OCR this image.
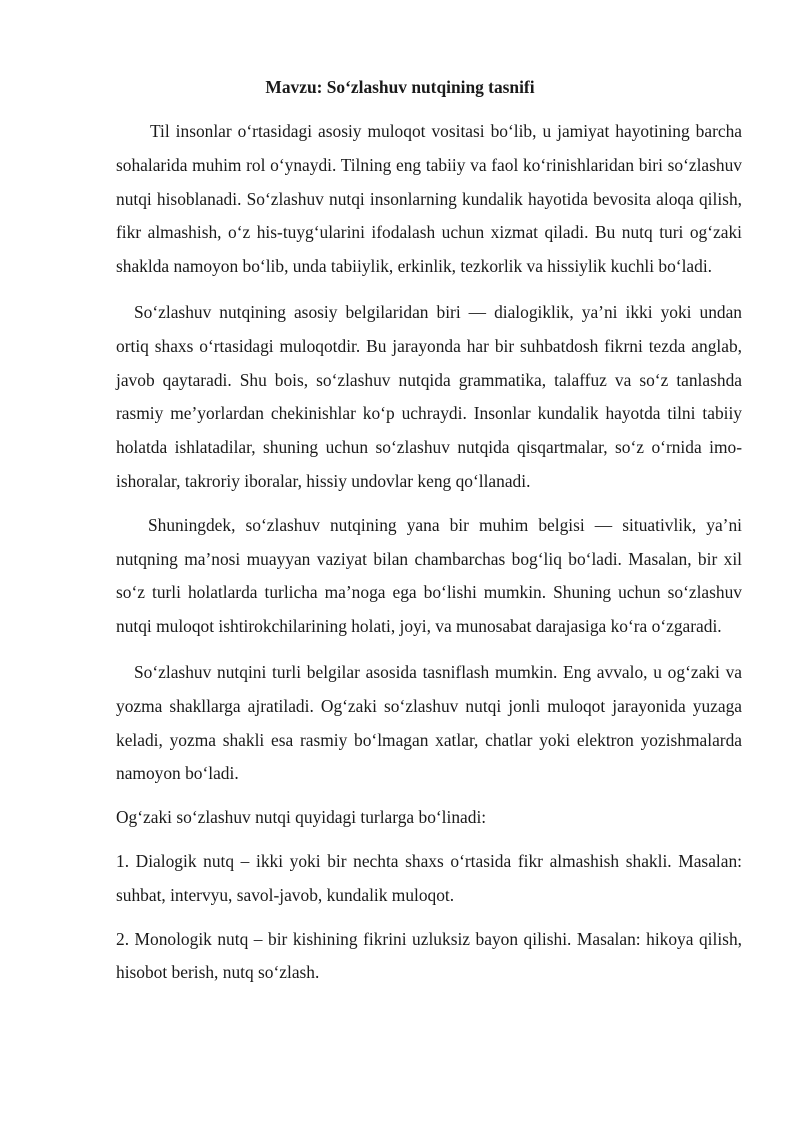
Mavzu: So‘zlashuv nutqining tasnifi

Til insonlar o‘rtasidagi asosiy muloqot vositasi bo‘lib, u jamiyat hayotining barcha sohalarida muhim rol o‘ynaydi. Tilning eng tabiiy va faol ko‘rinishlaridan biri so‘zlashuv nutqi hisoblanadi. So‘zlashuv nutqi insonlarning kundalik hayotida bevosita aloqa qilish, fikr almashish, o‘z his-tuyg‘ularini ifodalash uchun xizmat qiladi. Bu nutq turi og‘zaki shaklda namoyon bo‘lib, unda tabiiylik, erkinlik, tezkorlik va hissiylik kuchli bo‘ladi.

So‘zlashuv nutqining asosiy belgilaridan biri — dialogiklik, ya’ni ikki yoki undan ortiq shaxs o‘rtasidagi muloqotdir. Bu jarayonda har bir suhbatdosh fikrni tezda anglab, javob qaytaradi. Shu bois, so‘zlashuv nutqida grammatika, talaffuz va so‘z tanlashda rasmiy me’yorlardan chekinishlar ko‘p uchraydi. Insonlar kundalik hayotda tilni tabiiy holatda ishlatadilar, shuning uchun so‘zlashuv nutqida qisqartmalar, so‘z o‘rnida imo-ishoralar, takroriy iboralar, hissiy undovlar keng qo‘llanadi.

Shuningdek, so‘zlashuv nutqining yana bir muhim belgisi — situativlik, ya’ni nutqning ma’nosi muayyan vaziyat bilan chambarchas bog‘liq bo‘ladi. Masalan, bir xil so‘z turli holatlarda turlicha ma’noga ega bo‘lishi mumkin. Shuning uchun so‘zlashuv nutqi muloqot ishtirokchilarining holati, joyi, va munosabat darajasiga ko‘ra o‘zgaradi.

So‘zlashuv nutqini turli belgilar asosida tasniflash mumkin. Eng avvalo, u og‘zaki va yozma shakllarga ajratiladi. Og‘zaki so‘zlashuv nutqi jonli muloqot jarayonida yuzaga keladi, yozma shakli esa rasmiy bo‘lmagan xatlar, chatlar yoki elektron yozishmalarda namoyon bo‘ladi.

Og‘zaki so‘zlashuv nutqi quyidagi turlarga bo‘linadi:

1. Dialogik nutq – ikki yoki bir nechta shaxs o‘rtasida fikr almashish shakli. Masalan: suhbat, intervyu, savol-javob, kundalik muloqot.

2. Monologik nutq – bir kishining fikrini uzluksiz bayon qilishi. Masalan: hikoya qilish, hisobot berish, nutq so‘zlash.
